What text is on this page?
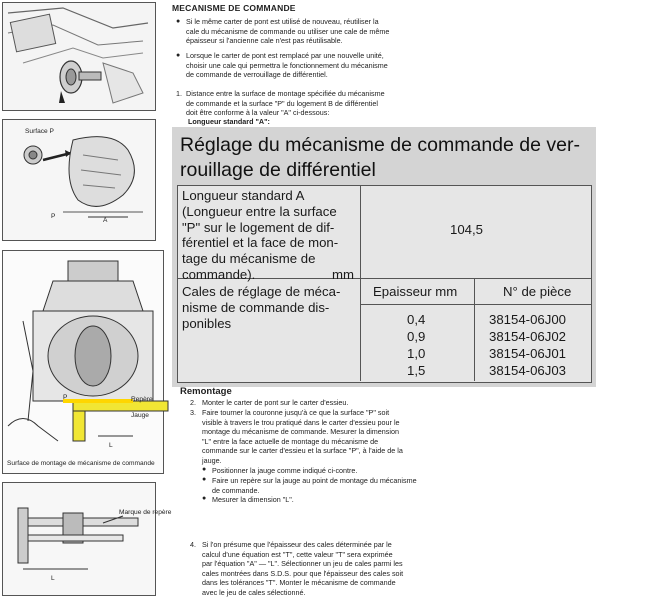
Surface P
P
A
P	Repère
Jauge
L
Surface de montage de mécanisme de commande
Marque de repère
L
MECANISME DE COMMANDE
● Si le même carter de pont est utilisé de nouveau, réutiliser la
cale du mécanisme de commande ou utiliser une cale de même
épaisseur si l'ancienne cale n'est pas réutilisable.
● Lorsque le carter de pont est remplacé par une nouvelle unité,
choisir une cale qui permettra le fonctionnement du mécanisme
de commande de verrouillage de différentiel.
1. Distance entre la surface de montage spécifiée du mécanisme
de commande et la surface "P" du logement B de différentiel
doit être conforme à la valeur "A" ci-dessous:
Longueur standard "A":
Réglage du mécanisme de commande de ver-
rouillage de différentiel
Longueur standard A
(Longueur entre la surface
"P" sur le logement de dif-
férentiel et la face de mon-
tage du mécanisme de
commande).	mm
104,5
Cales de réglage de méca-
nisme de commande dis-
ponibles
Epaisseur mm	N° de pièce
0,4	38154-06J00
0,9	38154-06J02
1,0	38154-06J01
1,5	38154-06J03
Remontage
2. Monter le carter de pont sur le carter d'essieu.
3. Faire tourner la couronne jusqu'à ce que la surface "P" soit
visible à travers le trou pratiqué dans le carter d'essieu pour le
montage du mécanisme de commande. Mesurer la dimension
"L" entre la face actuelle de montage du mécanisme de
commande sur le carter d'essieu et la surface "P", à l'aide de la
jauge.
● Positionner la jauge comme indiqué ci-contre.
● Faire un repère sur la jauge au point de montage du mécanisme
de commande.
● Mesurer la dimension "L".
4. Si l'on présume que l'épaisseur des cales déterminée par le
calcul d'une équation est "T", cette valeur "T" sera exprimée
par l'équation "A" — "L". Sélectionner un jeu de cales parmi les
cales montrées dans S.D.S. pour que l'épaisseur des cales soit
dans les tolérances "T". Monter le mécanisme de commande
avec le jeu de cales sélectionné.
